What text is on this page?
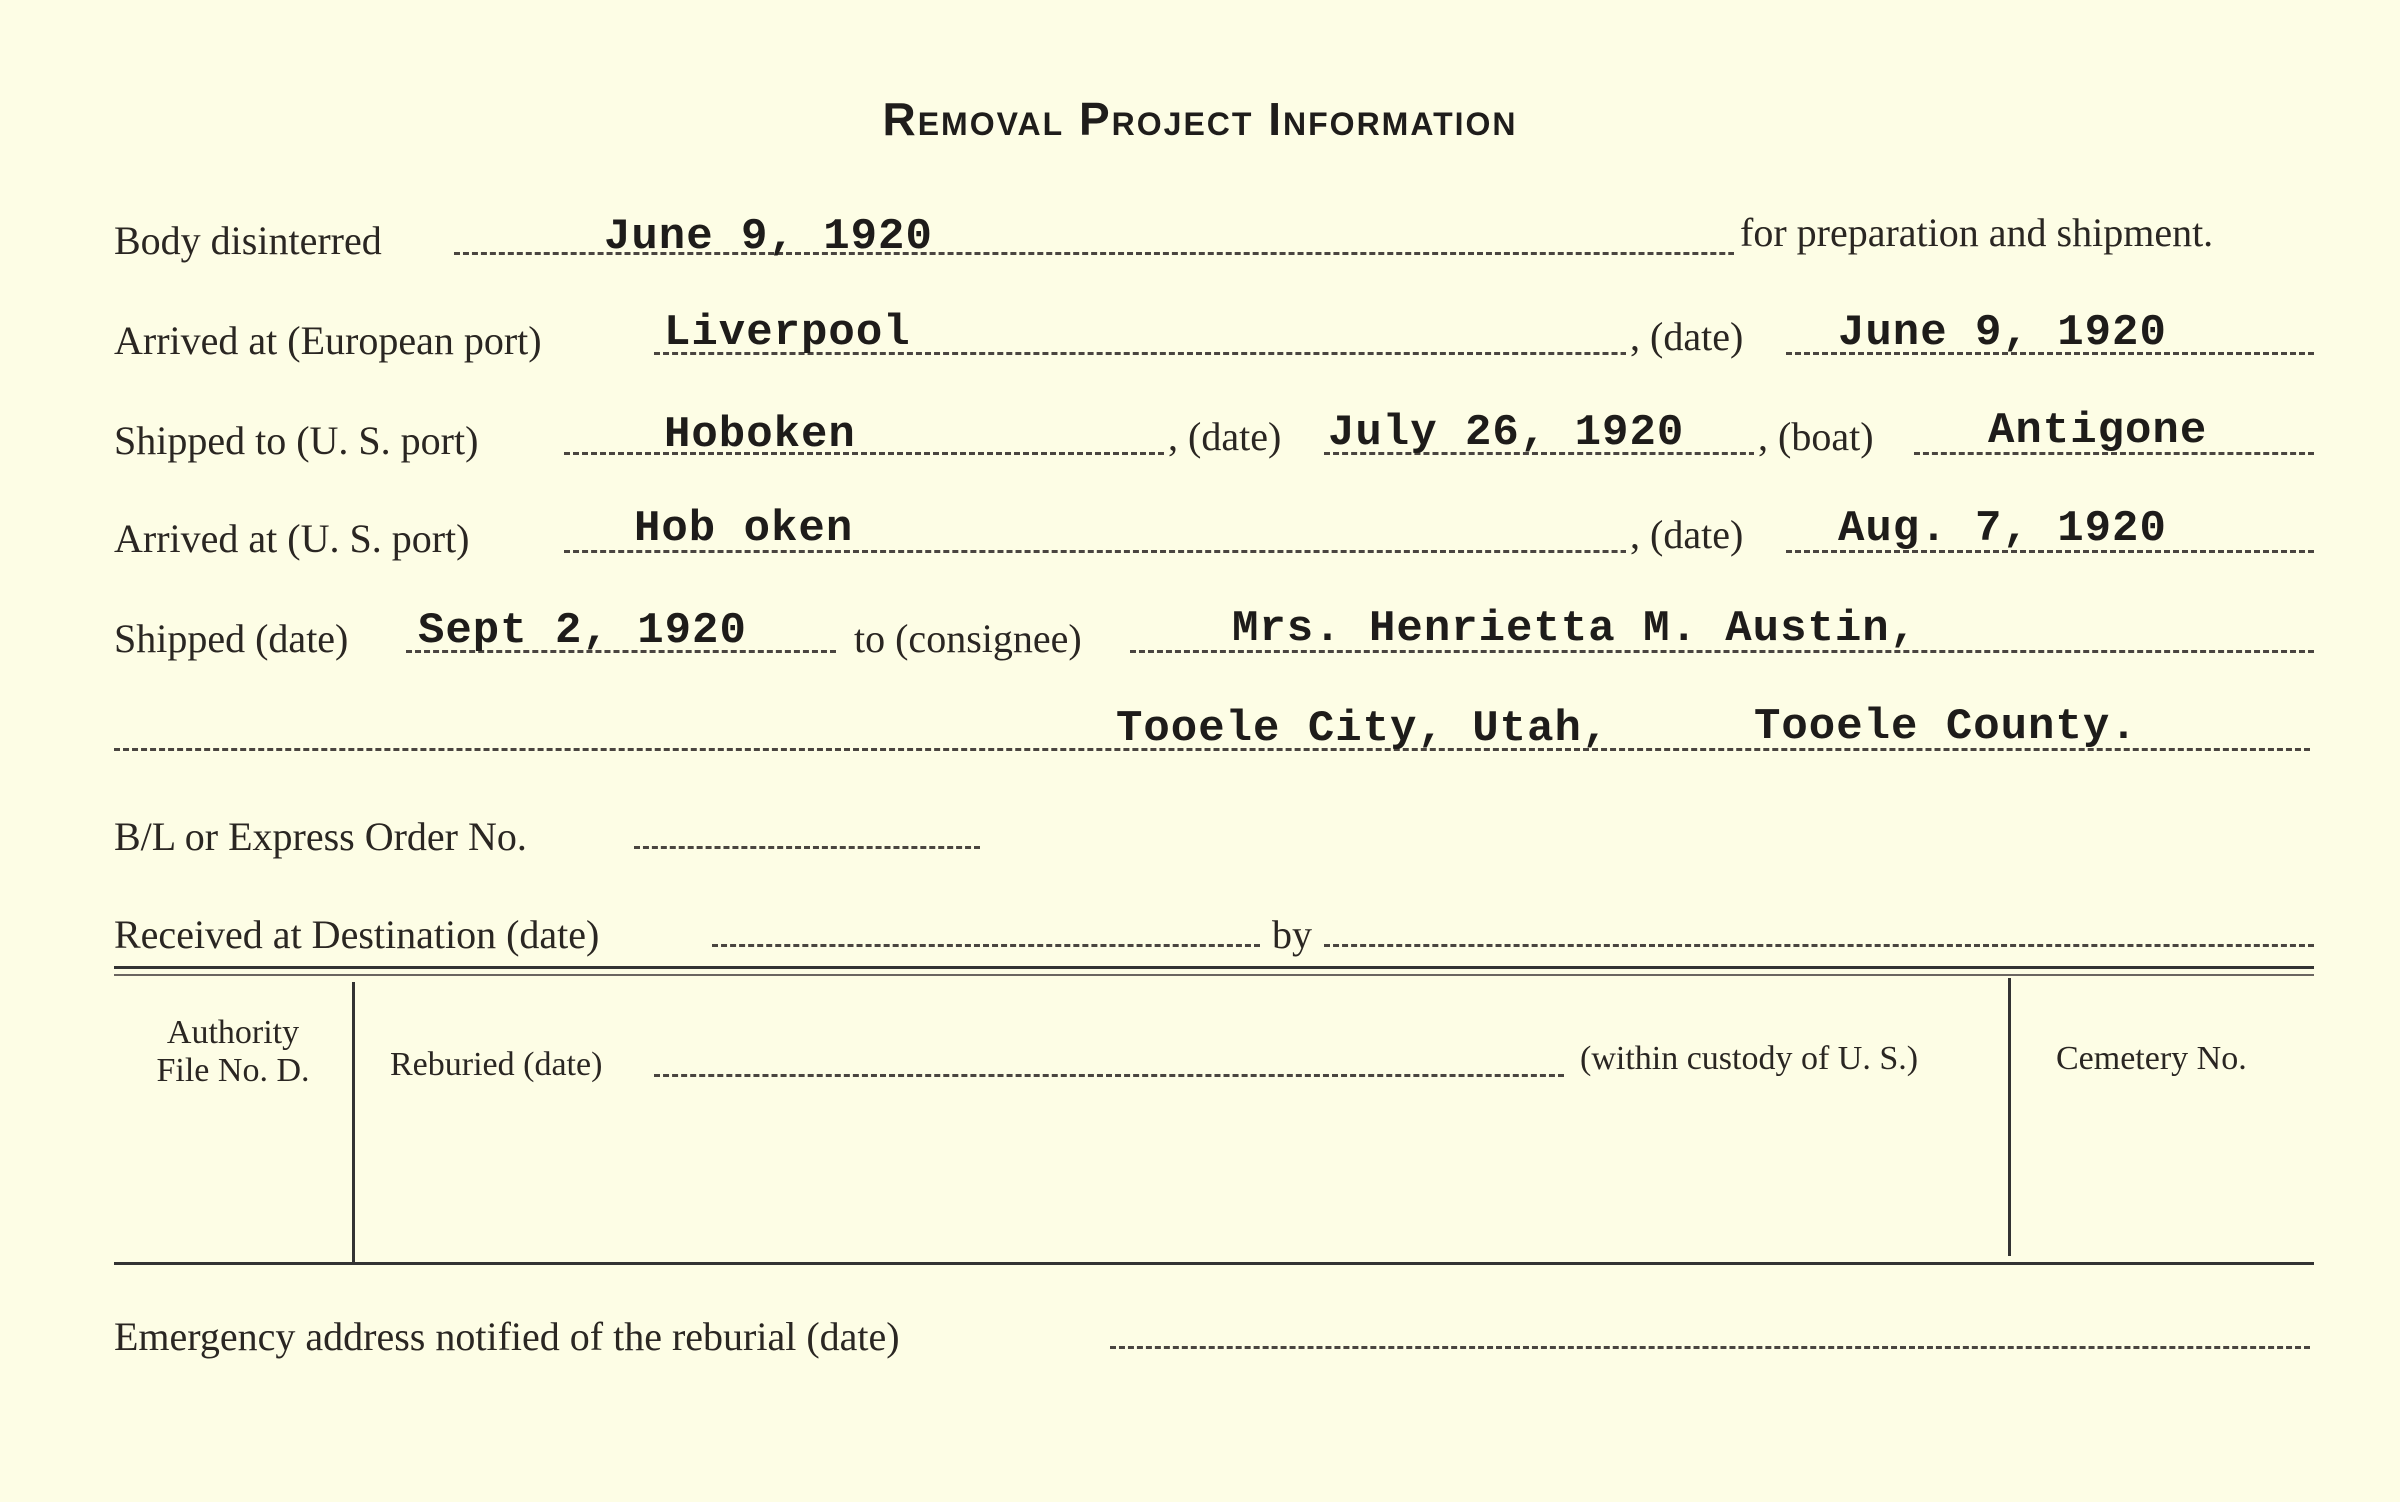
Removal Project Information
Body disinterred	June 9, 1920	for preparation and shipment.
Arrived at (European port)	Liverpool	, (date) June 9, 1920
Shipped to (U. S. port)	Hoboken	, (date) July 26, 1920 , (boat)	Antigone
Arrived at (U. S. port)	Hob oken	, (date) Aug. 7, 1920
Shipped (date) Sept 2, 1920	to (consignee)	Mrs. Henrietta M. Austin,
Tooele City, Utah,	Tooele County.
B/L or Express Order No.
Received at Destination (date)	by
Authority
File No. D.	Reburied (date)	(within custody of U. S.)	Cemetery No.
Emergency address notified of the reburial (date)
